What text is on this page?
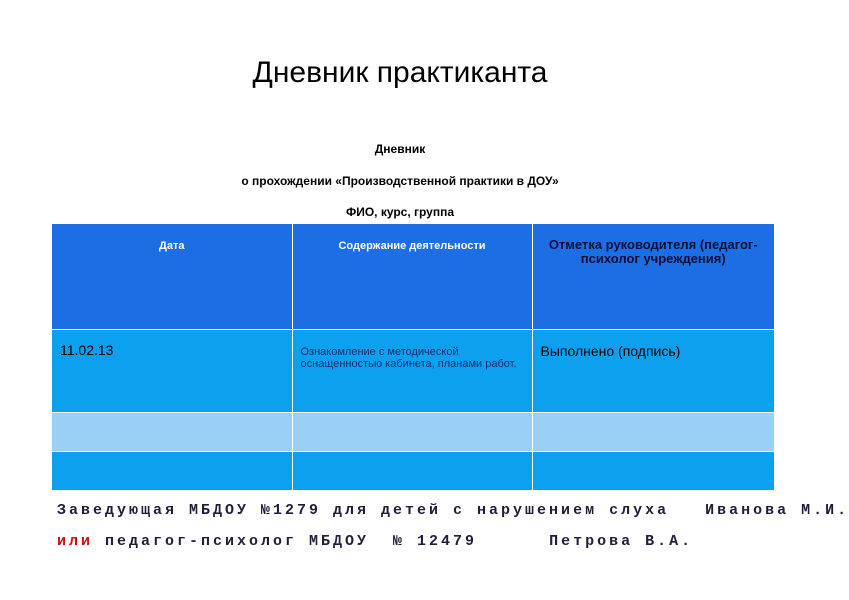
Дневник практиканта
Дневник
о прохождении «Производственной практики в ДОУ»
ФИО, курс, группа
Дата	Содержание деятельности	Отметка руководителя (педагог-психолог учреждения)

11.02.13	Ознакомление с методической оснащенностью кабинета, планами работ.	Выполнено (подпись)

Заведующая МБДОУ №1279 для детей с нарушением слуха Иванова М.И.
или педагог-психолог МБДОУ  № 12479	Петрова В.А.
